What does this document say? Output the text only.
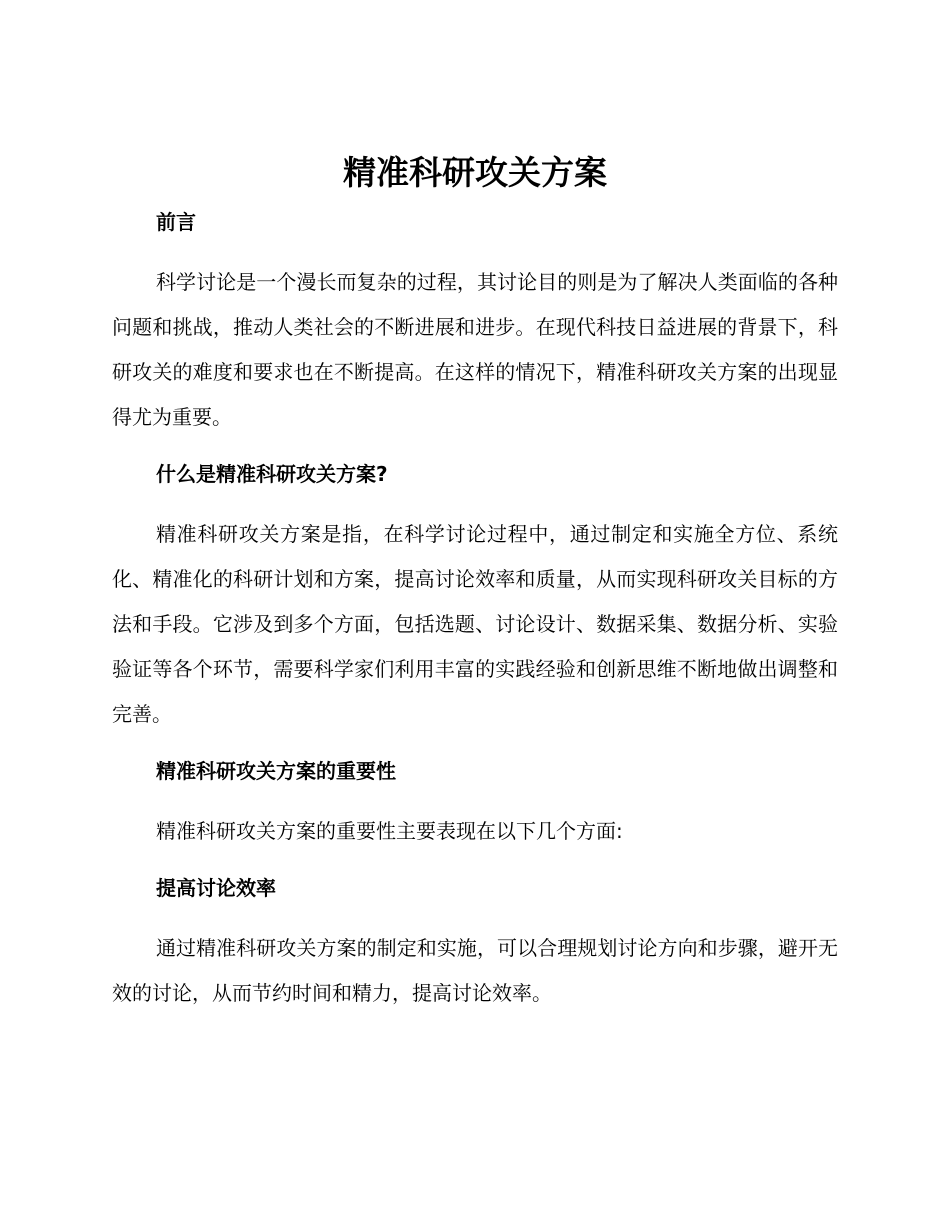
精准科研攻关方案

前言

科学讨论是一个漫长而复杂的过程，其讨论目的则是为了解决人类面临的各种问题和挑战，推动人类社会的不断进展和进步。在现代科技日益进展的背景下，科研攻关的难度和要求也在不断提高。在这样的情况下，精准科研攻关方案的出现显得尤为重要。

什么是精准科研攻关方案?

精准科研攻关方案是指，在科学讨论过程中，通过制定和实施全方位、系统化、精准化的科研计划和方案，提高讨论效率和质量，从而实现科研攻关目标的方法和手段。它涉及到多个方面，包括选题、讨论设计、数据采集、数据分析、实验验证等各个环节，需要科学家们利用丰富的实践经验和创新思维不断地做出调整和完善。

精准科研攻关方案的重要性

精准科研攻关方案的重要性主要表现在以下几个方面:

提高讨论效率

通过精准科研攻关方案的制定和实施，可以合理规划讨论方向和步骤，避开无效的讨论，从而节约时间和精力，提高讨论效率。
